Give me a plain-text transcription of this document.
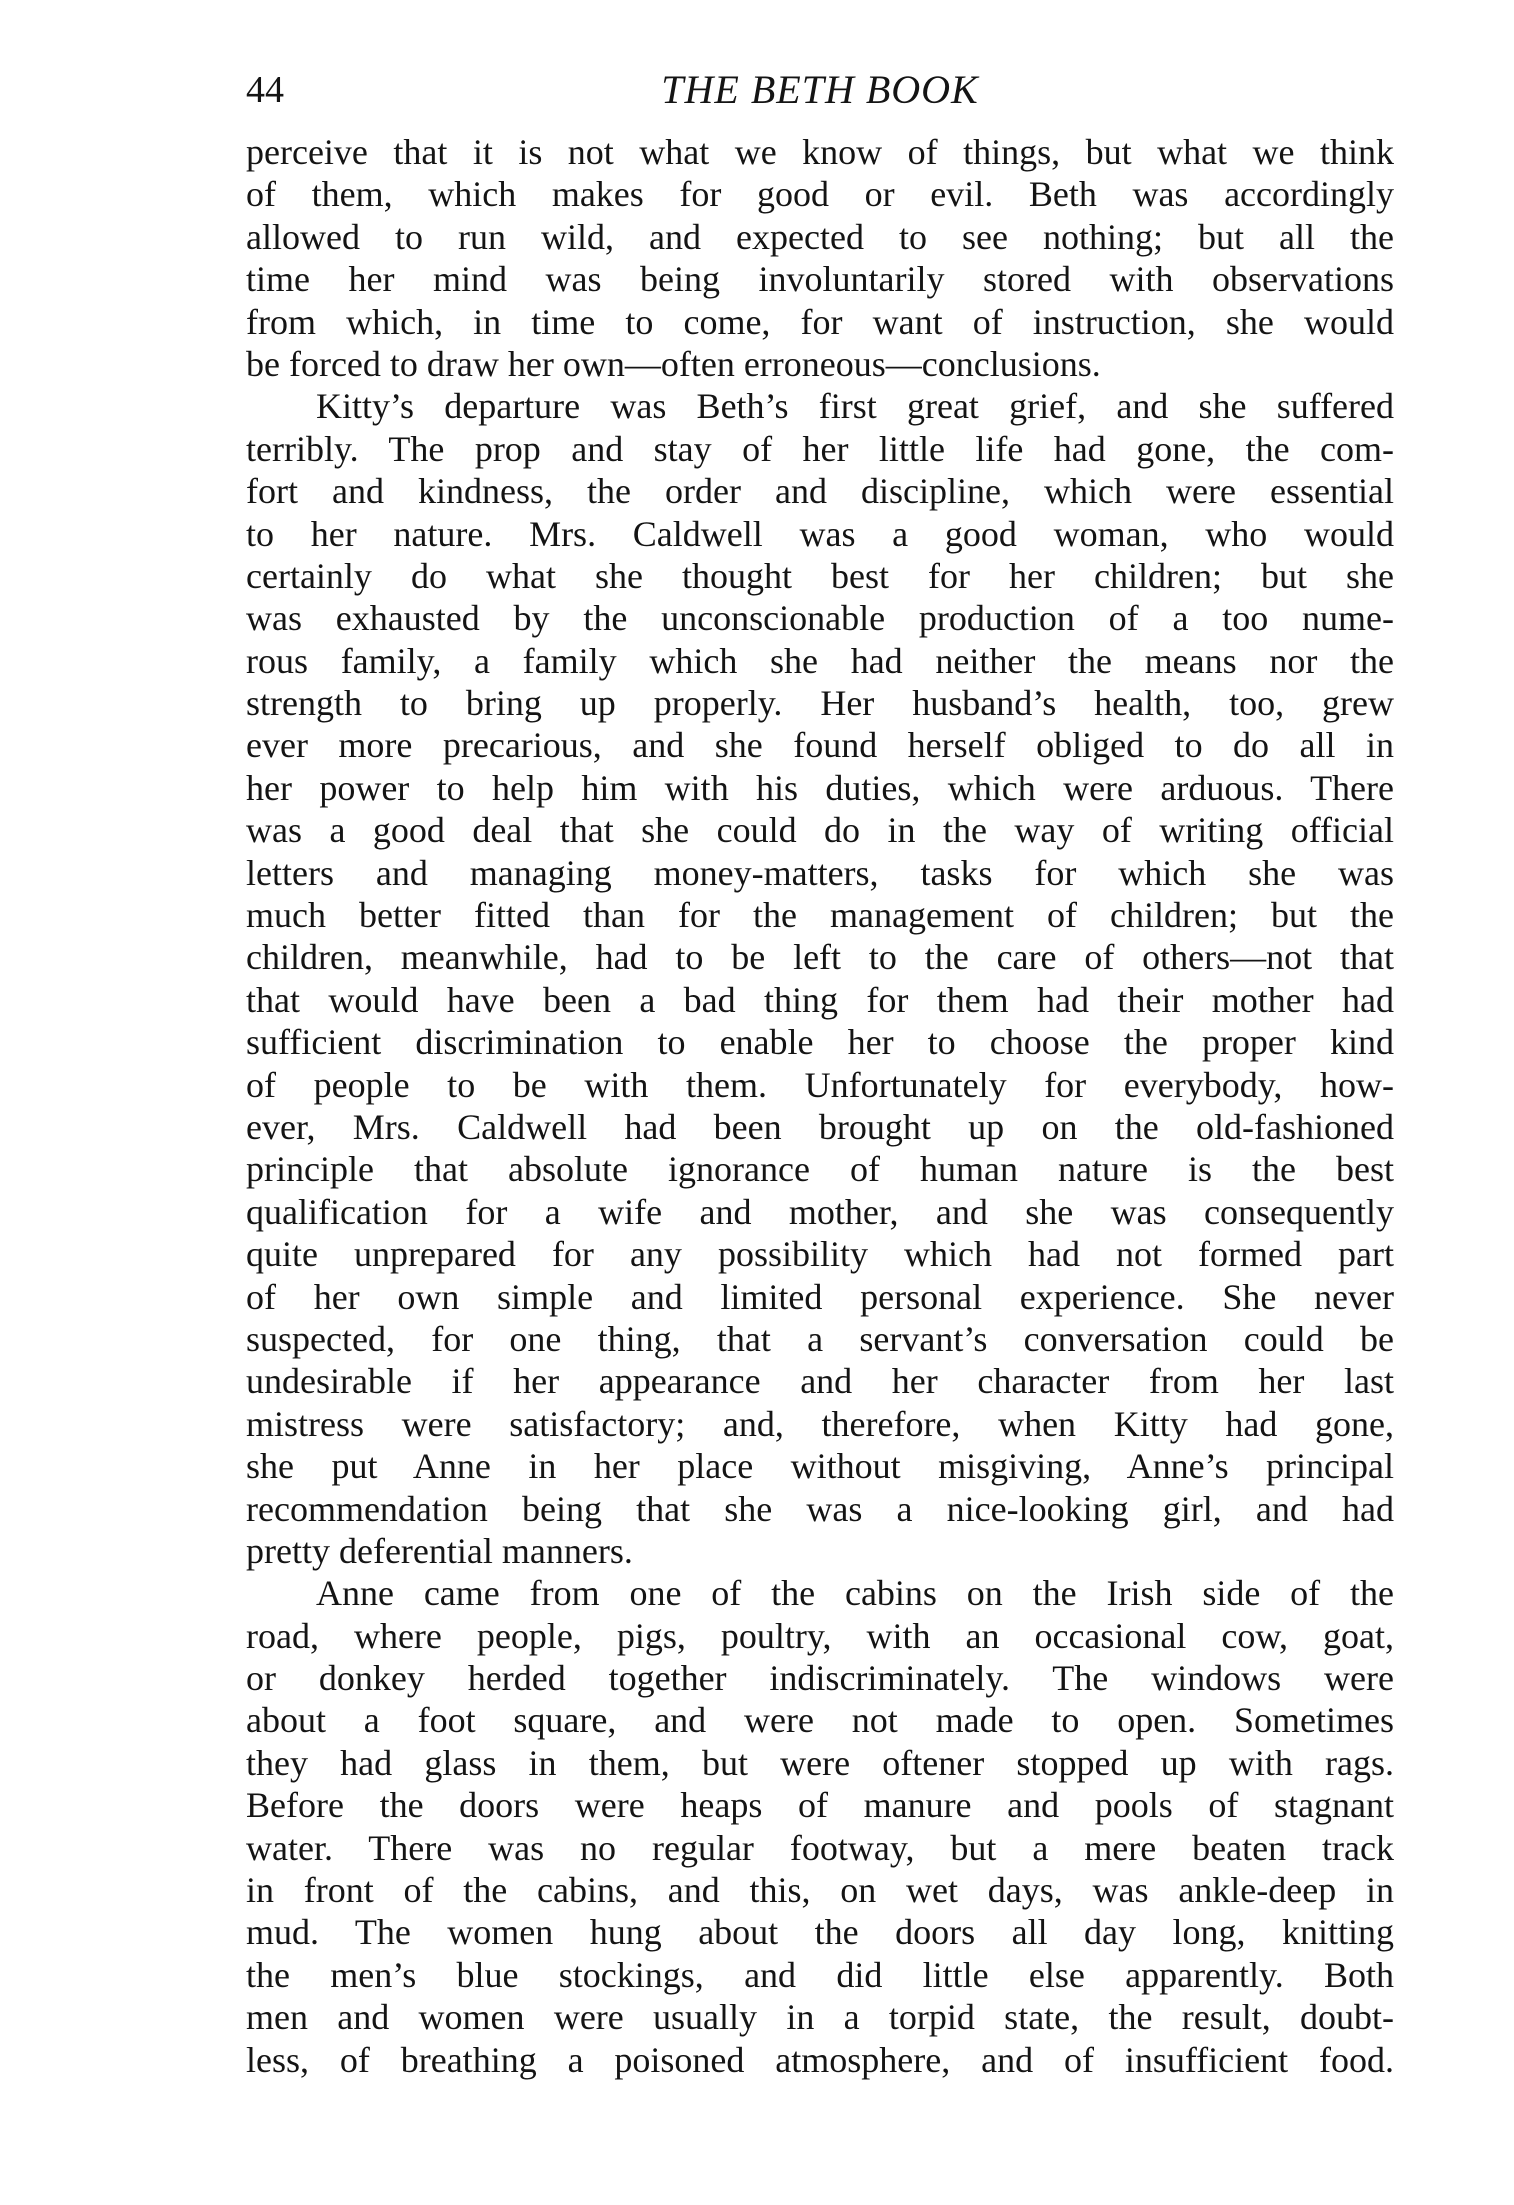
44	THE BETH BOOK
perceive that it is not what we know of things, but what we think
of them, which makes for good or evil. Beth was accordingly
allowed to run wild, and expected to see nothing; but all the
time her mind was being involuntarily stored with observations
from which, in time to come, for want of instruction, she would
be forced to draw her own—often erroneous—conclusions.
Kitty’s departure was Beth’s first great grief, and she suffered
terribly. The prop and stay of her little life had gone, the com-
fort and kindness, the order and discipline, which were essential
to her nature. Mrs. Caldwell was a good woman, who would
certainly do what she thought best for her children; but she
was exhausted by the unconscionable production of a too nume-
rous family, a family which she had neither the means nor the
strength to bring up properly. Her husband’s health, too, grew
ever more precarious, and she found herself obliged to do all in
her power to help him with his duties, which were arduous. There
was a good deal that she could do in the way of writing official
letters and managing money-matters, tasks for which she was
much better fitted than for the management of children; but the
children, meanwhile, had to be left to the care of others—not that
that would have been a bad thing for them had their mother had
sufficient discrimination to enable her to choose the proper kind
of people to be with them. Unfortunately for everybody, how-
ever, Mrs. Caldwell had been brought up on the old-fashioned
principle that absolute ignorance of human nature is the best
qualification for a wife and mother, and she was consequently
quite unprepared for any possibility which had not formed part
of her own simple and limited personal experience. She never
suspected, for one thing, that a servant’s conversation could be
undesirable if her appearance and her character from her last
mistress were satisfactory; and, therefore, when Kitty had gone,
she put Anne in her place without misgiving, Anne’s principal
recommendation being that she was a nice-looking girl, and had
pretty deferential manners.
Anne came from one of the cabins on the Irish side of the
road, where people, pigs, poultry, with an occasional cow, goat,
or donkey herded together indiscriminately. The windows were
about a foot square, and were not made to open. Sometimes
they had glass in them, but were oftener stopped up with rags.
Before the doors were heaps of manure and pools of stagnant
water. There was no regular footway, but a mere beaten track
in front of the cabins, and this, on wet days, was ankle-deep in
mud. The women hung about the doors all day long, knitting
the men’s blue stockings, and did little else apparently. Both
men and women were usually in a torpid state, the result, doubt-
less, of breathing a poisoned atmosphere, and of insufficient food.
